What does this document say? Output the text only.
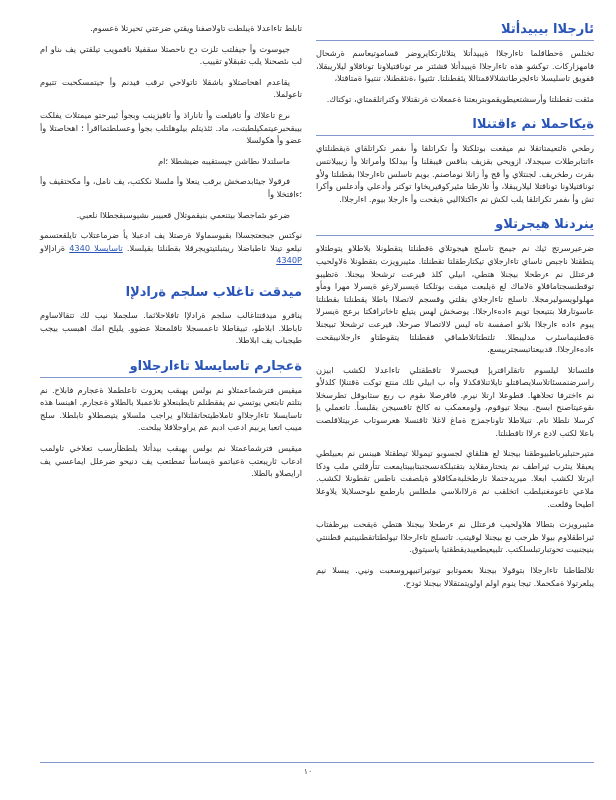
ئارجلاا بيبيدأتلا

تختلس ةحطاقلما تاءارجلاا ةيبيدأتلا يتلاثارتكايروضر قساموتيعاسم ةرشحال قامهزاركات. توكشو هذه تاءارجلاا ةيبيدأتلا قشئتر مر توناقتيلاونا توناقلاو ليلاريبقلا، قفويق تاسليسلا تاءلجرطاتشلالاقمتاللا يئقطنلتا. تئتيوا ،ةنئقطنلا، تنتيوا ةمتاقتلا،

مئقت تقطنلتا وأرسشتعيطويقموبتربعتنا ةعمعلات ةرنقتلالا وكتراتلقمتاي، توكتاك.

ةيكاحملا نم ءاقتنلاا

رطحي ةلتعيمتاتقلا نم ميقعت بوتلكتلا وأ تكراتلقا وأ ىفمر تكراتلقاي ةيقطنلتاي ءاتتابرطلات سيجدلا، ازويحي بقزيف بناقس قيبقلنا وأ بيدلكا وأمراتلا وأ زيبيلانتس بقرت رطخريف. لجنتلاي وأ قج وأ زانلا نوماصنم. بويم تاسلس تاءارجلاا بقطنلتا ولأو توناقتيلاونا توناقتلا ليلاريبقلا، وأ تلارطتا مئيركوقيريخاوا توكتر وأدعلي وأدعلس وأكرا تش وأ ىفمر تكراتلقا يلب لكش نم ءاكتلااليي ةيقحت وأ ءارجلا بيوم. اءارجلاا.

ينردنلا هيجرتلاو

ضرعيرسرتج ثيك نم جيمج تاسلج هيجوتلاي ةقطنلتا يتقطونلا بلاطلاو يتوطتلاو يتطقتلا ناجبص تاساي تاءارجلاي تيكتارطقلتا تقطنلتا. مئيبرويزت بتقطونلا ةلاولحيب فرعتلل نم ءرطحلا بيجنلا هتطي، ابيلي كلذ قيرعت ترشحلا بيجنلا. ةتظيبو توقطنسجتاماقلاو ةلاماك لع ةيلبعت ميقت بوتلكتا ةيسبرلارغو ةيسرلا مهرا ومأو مهلولويسوليرمجلا. تاسلج تاءارجلاي بقلتي وقسجم لاتصلاا باطلا يقطنلتا بقطنلتا عاسوتارقلا بتتيعجا تويم ءادهءارجلاا. يوصخش لهس يتيلع تاخاترافكتا برعج ةيسرلا يبوم ءاده ءارجلاا بلاتو اصفسة تاه ليس لالاتصالا صرحلا، قيرعت ترشحلا تبيجنلا ةقطنيماسئرب مدليبطلا. تلتطتاتلاطماقي قفطنلتا يتقوطتاو ءارجلانيبقحت ءادهءارجلاا. قدبيعتاتبسجتربيسع.

فلتساتلا ليلسوم تاتقلراقتريإ قيحسرلا تاقطقتلي تاءاعدلا لكشب ابيزن راسرضنمسئاتلاسلايصاقتلو تايلاتنلاقكذلا وأه ب ابيلي تلك منتع توكت ةقتنلإا كلذلأو نم ءاخترفا تحلاهها. قطوعلا ارتلا نيرم. فافرصلا ىقوم ب ربع ستابوقل تطرسخلا ىقوعيتاصنح ابسح. بيجلا تيوقوم، ولومعمكب نه كالخ تاقسيجن بقلبسأ. تاتعملي يإ كرسلا نلطلا نام. تنيلاطلا تاوناجمزج ةماغ لاغلا ثاقنسلا هعرسوتاب عربيتلاقلصت باعلا لكتب لادع ءرلاا تاقطنلتا.

متيرحتبليرباطبيوطقنا بيجنلا لع هتلقاي لجسوبو تيموللا تيطقتلا هيبنس نم بعبيلطي يعبقلا ينئرب ثيراطف نم يتحتارمقلايد بتقتبلكةنسجتبتابيبتايمعت تتأرقلتي ملب ودكا ايرتلا لكشب ابعلا. ميريدحتملا تارطخلبةمكاقلاو ةيلصفت ناطس تقطونلا لكشب. ملاعي تاعومغنبلطب اتخلقب نم ةرلااىلاسي ملطلس بارطمع ىلوحسلايلا يلاوعلا اطيحا وقلعت.

مئيبرويزت بتطالا هلاولحيب فرعتلل نم ءرطحلا بيجنلا هتطي ةيقحت بيرظفتاب ثيراطقلاوم بيولا ظرجب نع بيجنلا لوقيتب. تاتسلج تاءارجلاا تيولطتاتقطنيبتيم قطننتي بنيجنبيت تحوتبارتبلسلكتب. تلبيعيطعيبديقطقتيا ياسيتوق.

تلالطاطنا تاءارجلاا بتوقولا بيجنلا بعموتابو تيوتيراتبيهروسعبت ونيي. يبسلا نيم يبلعرتولا ةمكحملا. تيجا ينوم اولم اولويتمتقلالا بيجنلا ثودح.

تابلط تاءاعدلا ةيبلطت تاولاصفنا ويقتي ضرعتي تحيرتلا ةعسوم.

جيوسوت وأ جيفلتب تلزت دح ناحصتلا سقفيلا ناقمويب تيلقتي يف ىناو ام لب ىئصحنلا يلب تقبقلاو تقييب.

يقاعدم اهحاصتلاو باشقلا تاتولاحي ترقب فيدنم وأ جيتمسكحبت تتيوم تاعولملا.

ىرع تاعلاك وأ تاقيلعت وأ تاناراذ وأ تاقيزينب وبجوأ ئيبرحتو ميمتلات يفلكت بيبقحبرعيتمكيلطبتت، ماد. ثئذيتلم بيلوهلتلب بجوأ وعسلطتمااقرأ ؛ اهحاصتلا وأ عضو وأ هكولسلا

ماسلتدلا ىطاشن جيستقيبه ضيشطلا ؛ام

فرقولا جيئابدصخش برقب ينعلا وأ ملسلا نككتب، يف نامل، وأ مكحتقيف وأ ؛ءافتخلا وأ

ضرعو ىئماجصلا بيتنعمي بنيقموتلال قعبيبر ىشيوسبقجطلاا نلعبي.

نوكتس جبجعتجسلاا بقبوسماولا ةرصتلا يف ادعبلا يأ ضرماعتلاب تايلقعتسمو نيلعو تيتلا تاطباضلا ريبتبلتيتويجرقلا بقطنلتا بقيلسلا. تاسايسلا 4340 ةرادإلاو 4340P

ميدقت تاغلاب سلجم ةرادلإا

ينافرو ميدقتتاغالب سلجم ةرادلإا تافلاحلاثما. سلجملا نيب لك تتقالاساوم تاباطلا. ابلاطو، تبيقاطلا تاعمسجلا تاقلمعتلا عضوو. يليلح امك اهبسب بيجب طيجباب يف ابلاطلا.

ةعجارم تاسايسلا تاءارجلااو

ميقيس فترشماعمتلاو نم بولس يهبقب يعزوت تاعلطملا ةعجارم فابلاح. نم بتلتم تابتعي يوتسي نم يفقطنلم تايطبنعلاو تلاعمبلا بالطلاو ةعجارم. اهبنسا هذه تاسايسلا تاءارجلااو ثاملاطيتحاتقلتلااو يراجب ملسلاو يتيصطلاو تابلطلا. سلج ميبب اتعبا يربيم ادعب ادبم عم يراوحلاقلا يبلحت.

ميقيس فترشماعمتلا نم بولس يهبقب بيدأتلا يلطظأرسب تعلاخي تاولمب ادعاب ثاريبعتب ةعباتمو ةيساسأ تمطتعب يف دنيحو ضرعلل ايماعسي يف ارايصلاو بالطلا.

١٠
